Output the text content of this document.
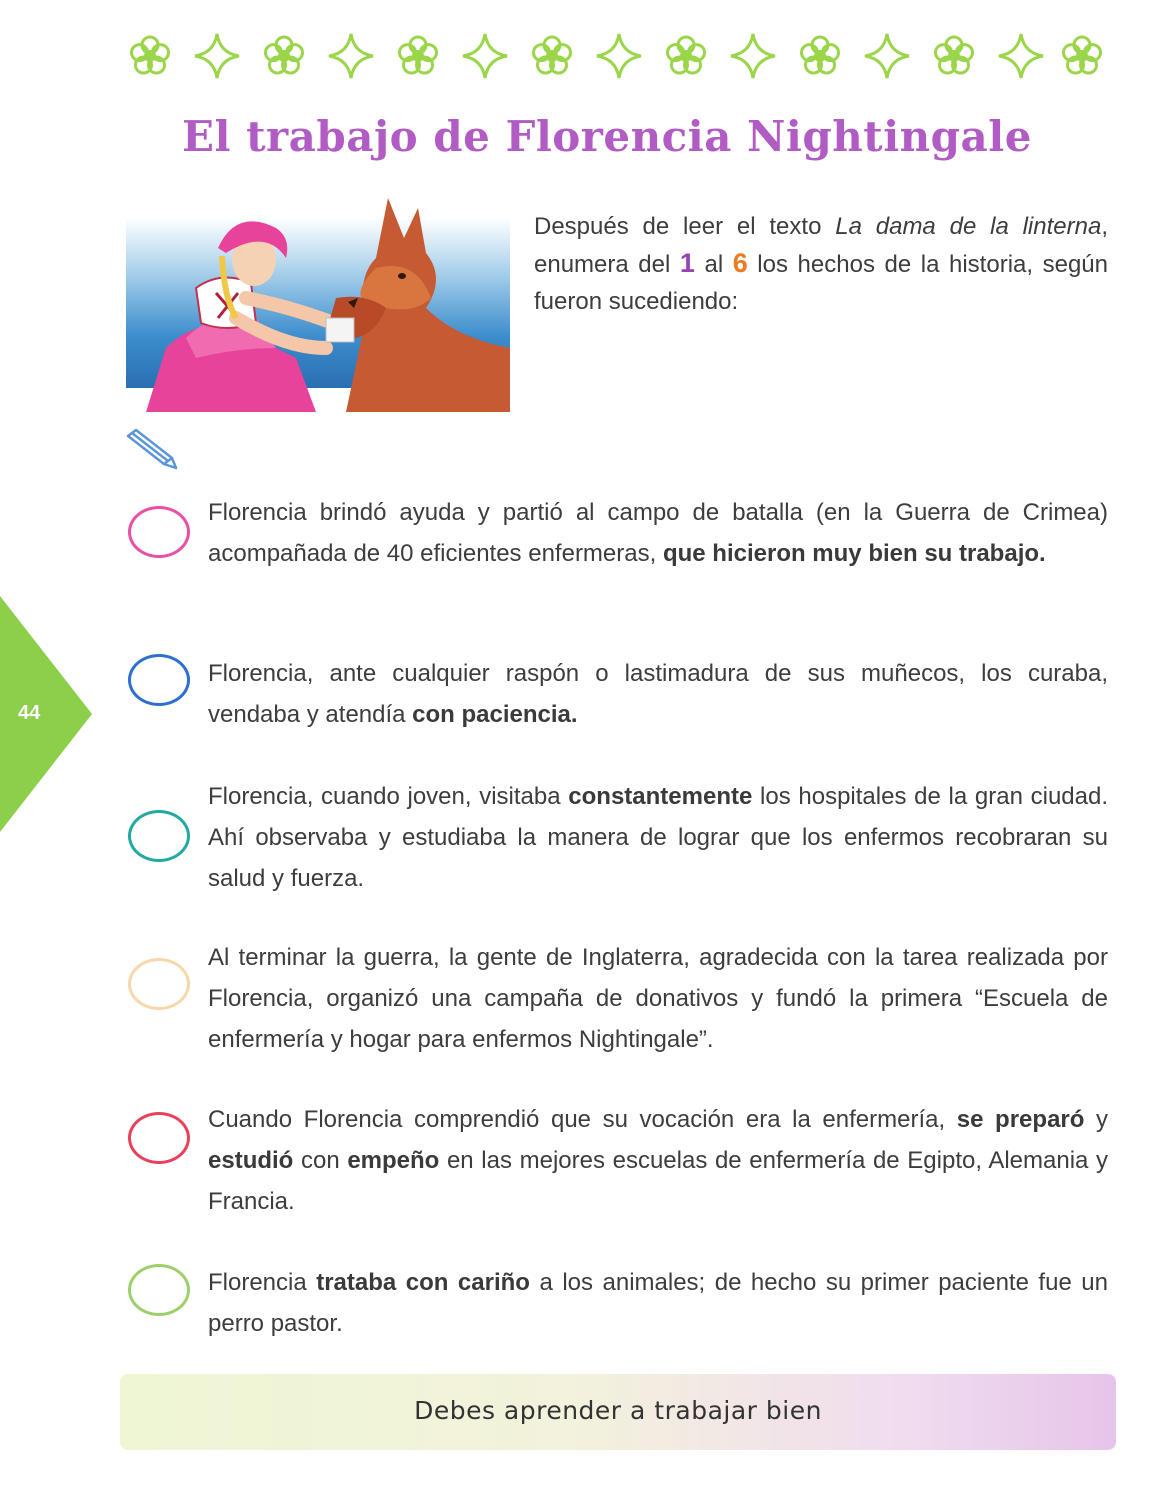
El trabajo de Florencia Nightingale
Después de leer el texto La dama de la linterna, enumera del 1 al 6 los hechos de la historia, según fueron sucediendo:
44
Florencia brindó ayuda y partió al campo de batalla (en la Guerra de Crimea) acompañada de 40 eficientes enfermeras, que hicieron muy bien su trabajo.
Florencia, ante cualquier raspón o lastimadura de sus muñecos, los curaba, vendaba y atendía con paciencia.
Florencia, cuando joven, visitaba constantemente los hospitales de la gran ciudad. Ahí observaba y estudiaba la manera de lograr que los enfermos recobraran su salud y fuerza.
Al terminar la guerra, la gente de Inglaterra, agradecida con la tarea realizada por Florencia, organizó una campaña de donativos y fundó la primera “Escuela de enfermería y hogar para enfermos Nightingale”.
Cuando Florencia comprendió que su vocación era la enfermería, se preparó y estudió con empeño en las mejores escuelas de enfermería de Egipto, Alemania y Francia.
Florencia trataba con cariño a los animales; de hecho su primer paciente fue un perro pastor.
Debes aprender a trabajar bien
